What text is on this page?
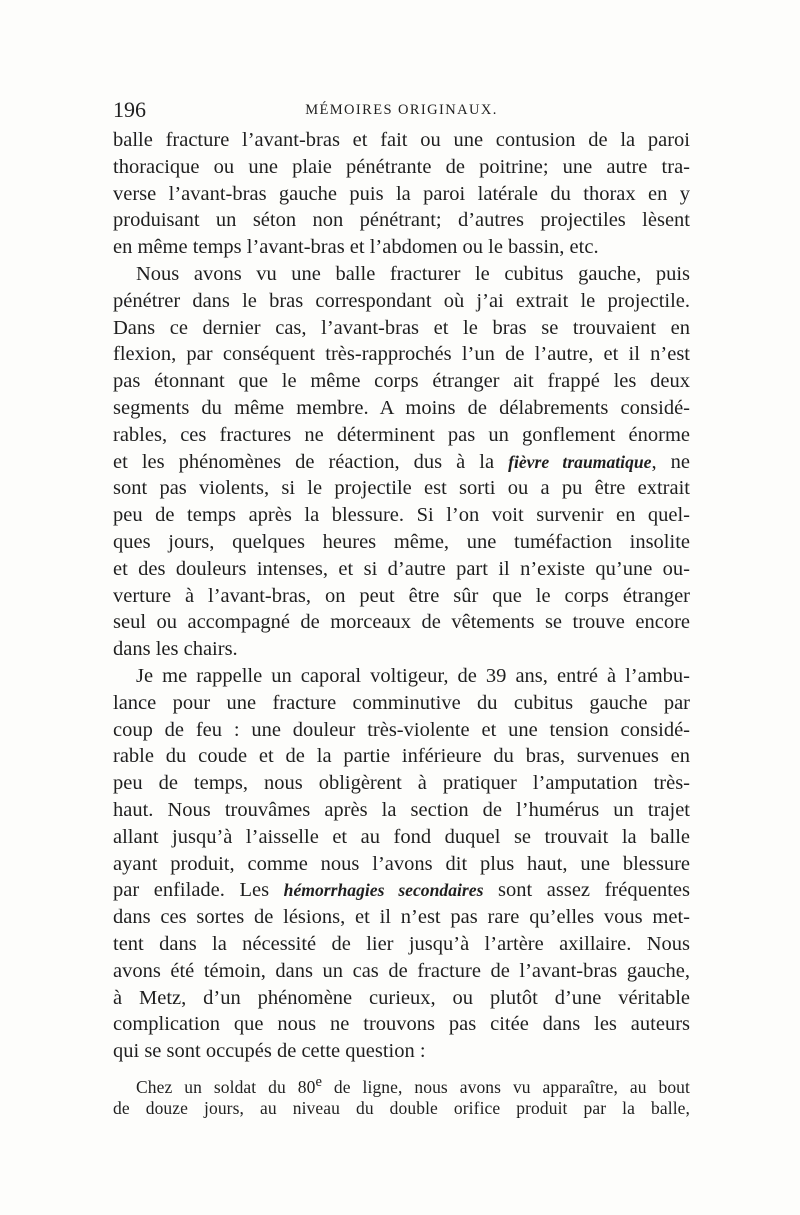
196	MÉMOIRES ORIGINAUX.
balle fracture l’avant-bras et fait ou une contusion de la paroi
thoracique ou une plaie pénétrante de poitrine; une autre tra-
verse l’avant-bras gauche puis la paroi latérale du thorax en y
produisant un séton non pénétrant; d’autres projectiles lèsent
en même temps l’avant-bras et l’abdomen ou le bassin, etc.
Nous avons vu une balle fracturer le cubitus gauche, puis
pénétrer dans le bras correspondant où j’ai extrait le projectile.
Dans ce dernier cas, l’avant-bras et le bras se trouvaient en
flexion, par conséquent très-rapprochés l’un de l’autre, et il n’est
pas étonnant que le même corps étranger ait frappé les deux
segments du même membre. A moins de délabrements considé-
rables, ces fractures ne déterminent pas un gonflement énorme
et les phénomènes de réaction, dus à la fièvre traumatique, ne
sont pas violents, si le projectile est sorti ou a pu être extrait
peu de temps après la blessure. Si l’on voit survenir en quel-
ques jours, quelques heures même, une tuméfaction insolite
et des douleurs intenses, et si d’autre part il n’existe qu’une ou-
verture à l’avant-bras, on peut être sûr que le corps étranger
seul ou accompagné de morceaux de vêtements se trouve encore
dans les chairs.
Je me rappelle un caporal voltigeur, de 39 ans, entré à l’ambu-
lance pour une fracture comminutive du cubitus gauche par
coup de feu : une douleur très-violente et une tension considé-
rable du coude et de la partie inférieure du bras, survenues en
peu de temps, nous obligèrent à pratiquer l’amputation très-
haut. Nous trouvâmes après la section de l’humérus un trajet
allant jusqu’à l’aisselle et au fond duquel se trouvait la balle
ayant produit, comme nous l’avons dit plus haut, une blessure
par enfilade. Les hémorrhagies secondaires sont assez fréquentes
dans ces sortes de lésions, et il n’est pas rare qu’elles vous met-
tent dans la nécessité de lier jusqu’à l’artère axillaire. Nous
avons été témoin, dans un cas de fracture de l’avant-bras gauche,
à Metz, d’un phénomène curieux, ou plutôt d’une véritable
complication que nous ne trouvons pas citée dans les auteurs
qui se sont occupés de cette question :
Chez un soldat du 80e de ligne, nous avons vu apparaître, au bout
de douze jours, au niveau du double orifice produit par la balle,
